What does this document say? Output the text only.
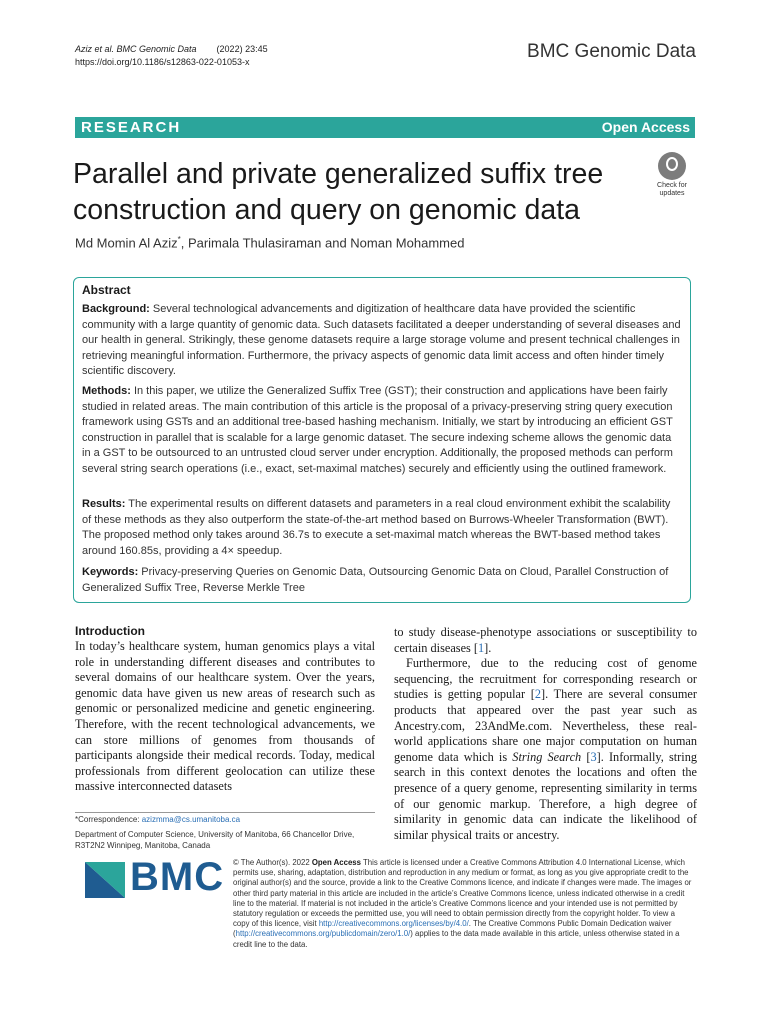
Aziz et al. BMC Genomic Data        (2022) 23:45
https://doi.org/10.1186/s12863-022-01053-x	BMC Genomic Data
RESEARCH	Open Access
Parallel and private generalized suffix tree
construction and query on genomic data
Check for
updates
Md Momin Al Aziz*, Parimala Thulasiraman and Noman Mohammed
Abstract
Background: Several technological advancements and digitization of healthcare data have provided the scientific community with a large quantity of genomic data. Such datasets facilitated a deeper understanding of several diseases and our health in general. Strikingly, these genome datasets require a large storage volume and present technical challenges in retrieving meaningful information. Furthermore, the privacy aspects of genomic data limit access and often hinder timely scientific discovery.
Methods: In this paper, we utilize the Generalized Suffix Tree (GST); their construction and applications have been fairly studied in related areas. The main contribution of this article is the proposal of a privacy-preserving string query execution framework using GSTs and an additional tree-based hashing mechanism. Initially, we start by introducing an efficient GST construction in parallel that is scalable for a large genomic dataset. The secure indexing scheme allows the genomic data in a GST to be outsourced to an untrusted cloud server under encryption. Additionally, the proposed methods can perform several string search operations (i.e., exact, set-maximal matches) securely and efficiently using the outlined framework.
Results: The experimental results on different datasets and parameters in a real cloud environment exhibit the scalability of these methods as they also outperform the state-of-the-art method based on Burrows-Wheeler Transformation (BWT). The proposed method only takes around 36.7s to execute a set-maximal match whereas the BWT-based method takes around 160.85s, providing a 4× speedup.
Keywords: Privacy-preserving Queries on Genomic Data, Outsourcing Genomic Data on Cloud, Parallel Construction of Generalized Suffix Tree, Reverse Merkle Tree
Introduction

In today’s healthcare system, human genomics plays a vital role in understanding different diseases and contributes to several domains of our healthcare system. Over the years, genomic data have given us new areas of research such as genomic or personalized medicine and genetic engineering. Therefore, with the recent technological advancements, we can store millions of genomes from thousands of participants alongside their medical records. Today, medical professionals from different geolocation can utilize these massive interconnected datasets

to study disease-phenotype associations or susceptibility to certain diseases [1].

Furthermore, due to the reducing cost of genome sequencing, the recruitment for corresponding research or studies is getting popular [2]. There are several consumer products that appeared over the past year such as Ancestry.com, 23AndMe.com. Nevertheless, these real-world applications share one major computation on human genome data which is String Search [3]. Informally, string search in this context denotes the locations and often the presence of a query genome, representing similarity in terms of our genomic markup. Therefore, a high degree of similarity in genomic data can indicate the likelihood of similar physical traits or ancestry.

*Correspondence: azizmma@cs.umanitoba.ca
Department of Computer Science, University of Manitoba, 66 Chancellor Drive, R3T2N2 Winnipeg, Manitoba, Canada
BMC © The Author(s). 2022 Open Access This article is licensed under a Creative Commons Attribution 4.0 International License, which permits use, sharing, adaptation, distribution and reproduction in any medium or format, as long as you give appropriate credit to the original author(s) and the source, provide a link to the Creative Commons licence, and indicate if changes were made. The images or other third party material in this article are included in the article’s Creative Commons licence, unless indicated otherwise in a credit line to the material. If material is not included in the article’s Creative Commons licence and your intended use is not permitted by statutory regulation or exceeds the permitted use, you will need to obtain permission directly from the copyright holder. To view a copy of this licence, visit http://creativecommons.org/licenses/by/4.0/. The Creative Commons Public Domain Dedication waiver (http://creativecommons.org/publicdomain/zero/1.0/) applies to the data made available in this article, unless otherwise stated in a credit line to the data.
